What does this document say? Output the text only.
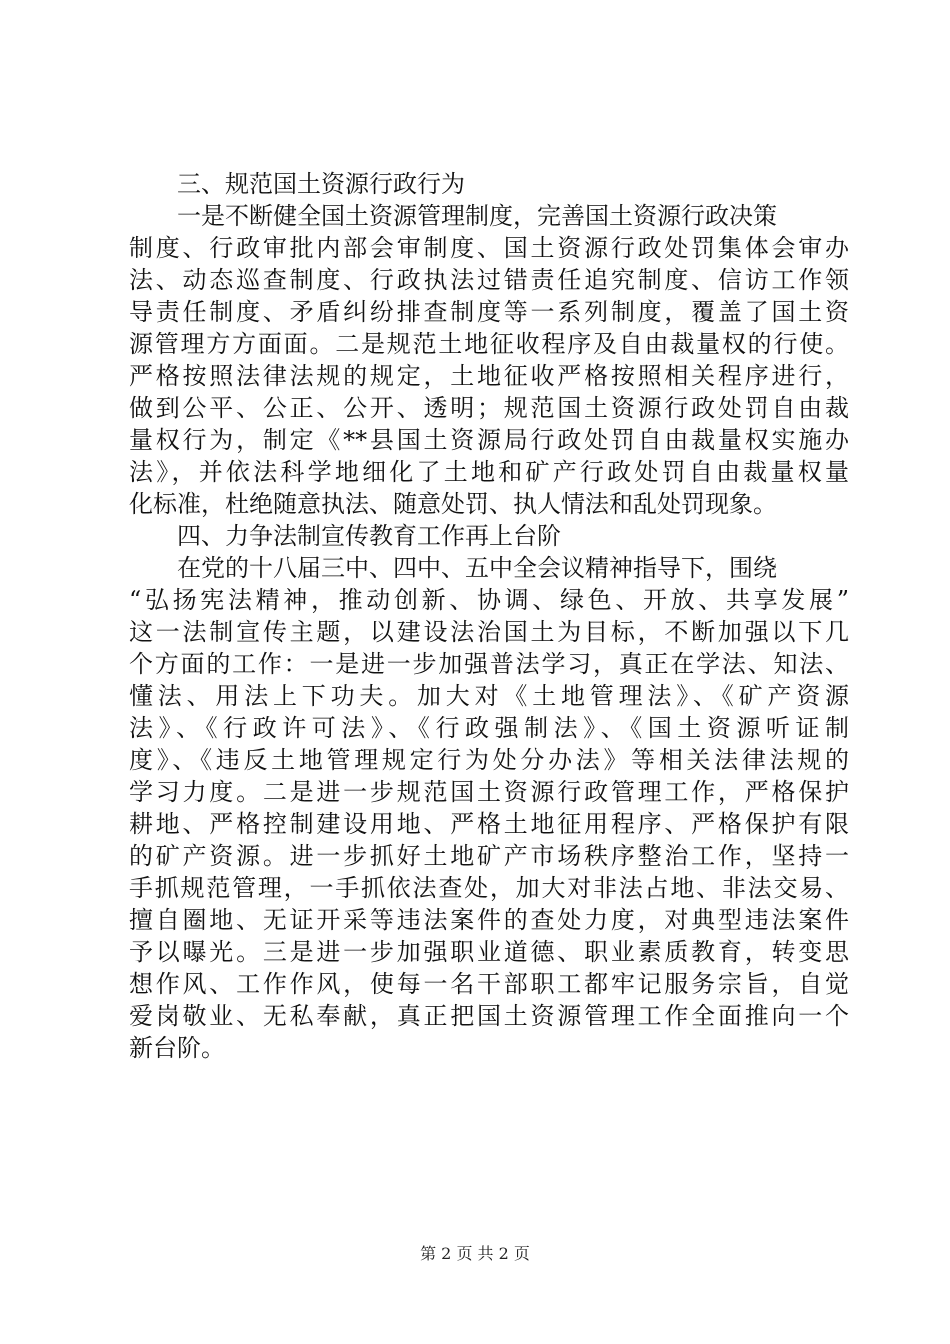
三、规范国土资源行政行为
一是不断健全国土资源管理制度，完善国土资源行政决策
制度、行政审批内部会审制度、国土资源行政处罚集体会审办
法、动态巡查制度、行政执法过错责任追究制度、信访工作领
导责任制度、矛盾纠纷排查制度等一系列制度，覆盖了国土资
源管理方方面面。二是规范土地征收程序及自由裁量权的行使。
严格按照法律法规的规定，土地征收严格按照相关程序进行，
做到公平、公正、公开、透明；规范国土资源行政处罚自由裁
量权行为，制定《**县国土资源局行政处罚自由裁量权实施办
法》，并依法科学地细化了土地和矿产行政处罚自由裁量权量
化标准，杜绝随意执法、随意处罚、执人情法和乱处罚现象。
四、力争法制宣传教育工作再上台阶
在党的十八届三中、四中、五中全会议精神指导下，围绕
“弘扬宪法精神，推动创新、协调、绿色、开放、共享发展”
这一法制宣传主题，以建设法治国土为目标，不断加强以下几
个方面的工作：一是进一步加强普法学习，真正在学法、知法、
懂法、用法上下功夫。加大对《土地管理法》、《矿产资源
法》、《行政许可法》、《行政强制法》、《国土资源听证制
度》、《违反土地管理规定行为处分办法》等相关法律法规的
学习力度。二是进一步规范国土资源行政管理工作，严格保护
耕地、严格控制建设用地、严格土地征用程序、严格保护有限
的矿产资源。进一步抓好土地矿产市场秩序整治工作，坚持一
手抓规范管理，一手抓依法查处，加大对非法占地、非法交易、
擅自圈地、无证开采等违法案件的查处力度，对典型违法案件
予以曝光。三是进一步加强职业道德、职业素质教育，转变思
想作风、工作作风，使每一名干部职工都牢记服务宗旨，自觉
爱岗敬业、无私奉献，真正把国土资源管理工作全面推向一个
新台阶。
第 2 页 共 2 页
